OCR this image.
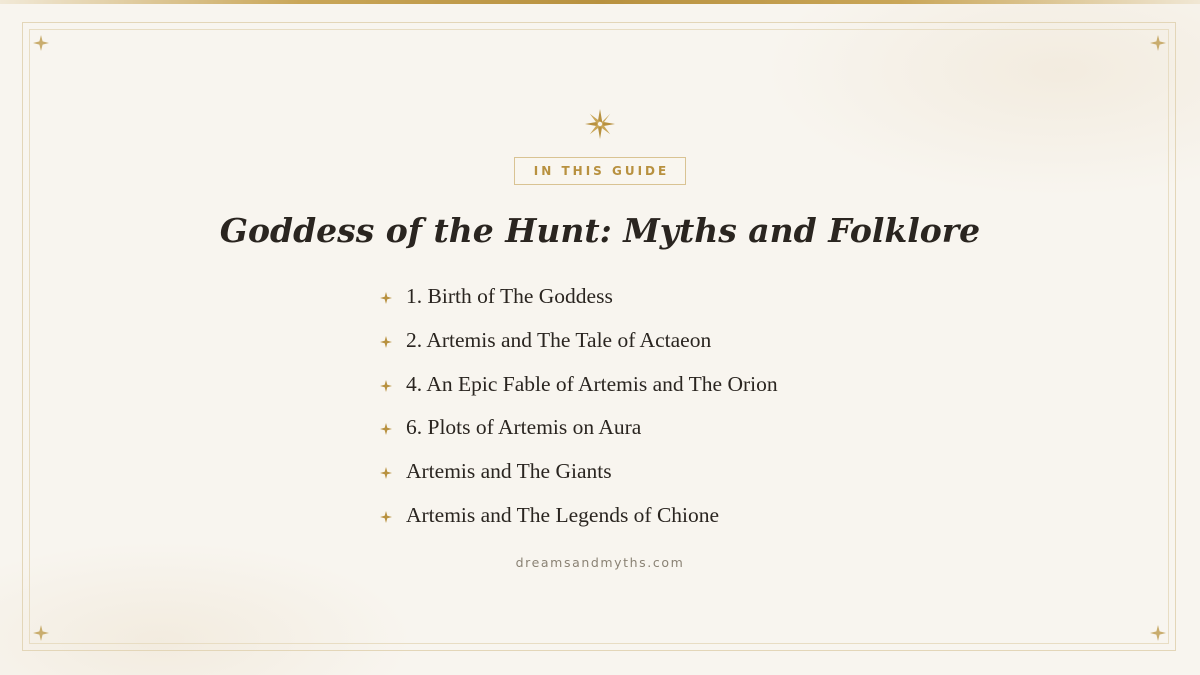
IN THIS GUIDE
Goddess of the Hunt: Myths and Folklore
1. Birth of The Goddess
2. Artemis and The Tale of Actaeon
4. An Epic Fable of Artemis and The Orion
6. Plots of Artemis on Aura
Artemis and The Giants
Artemis and The Legends of Chione
dreamsandmyths.com
